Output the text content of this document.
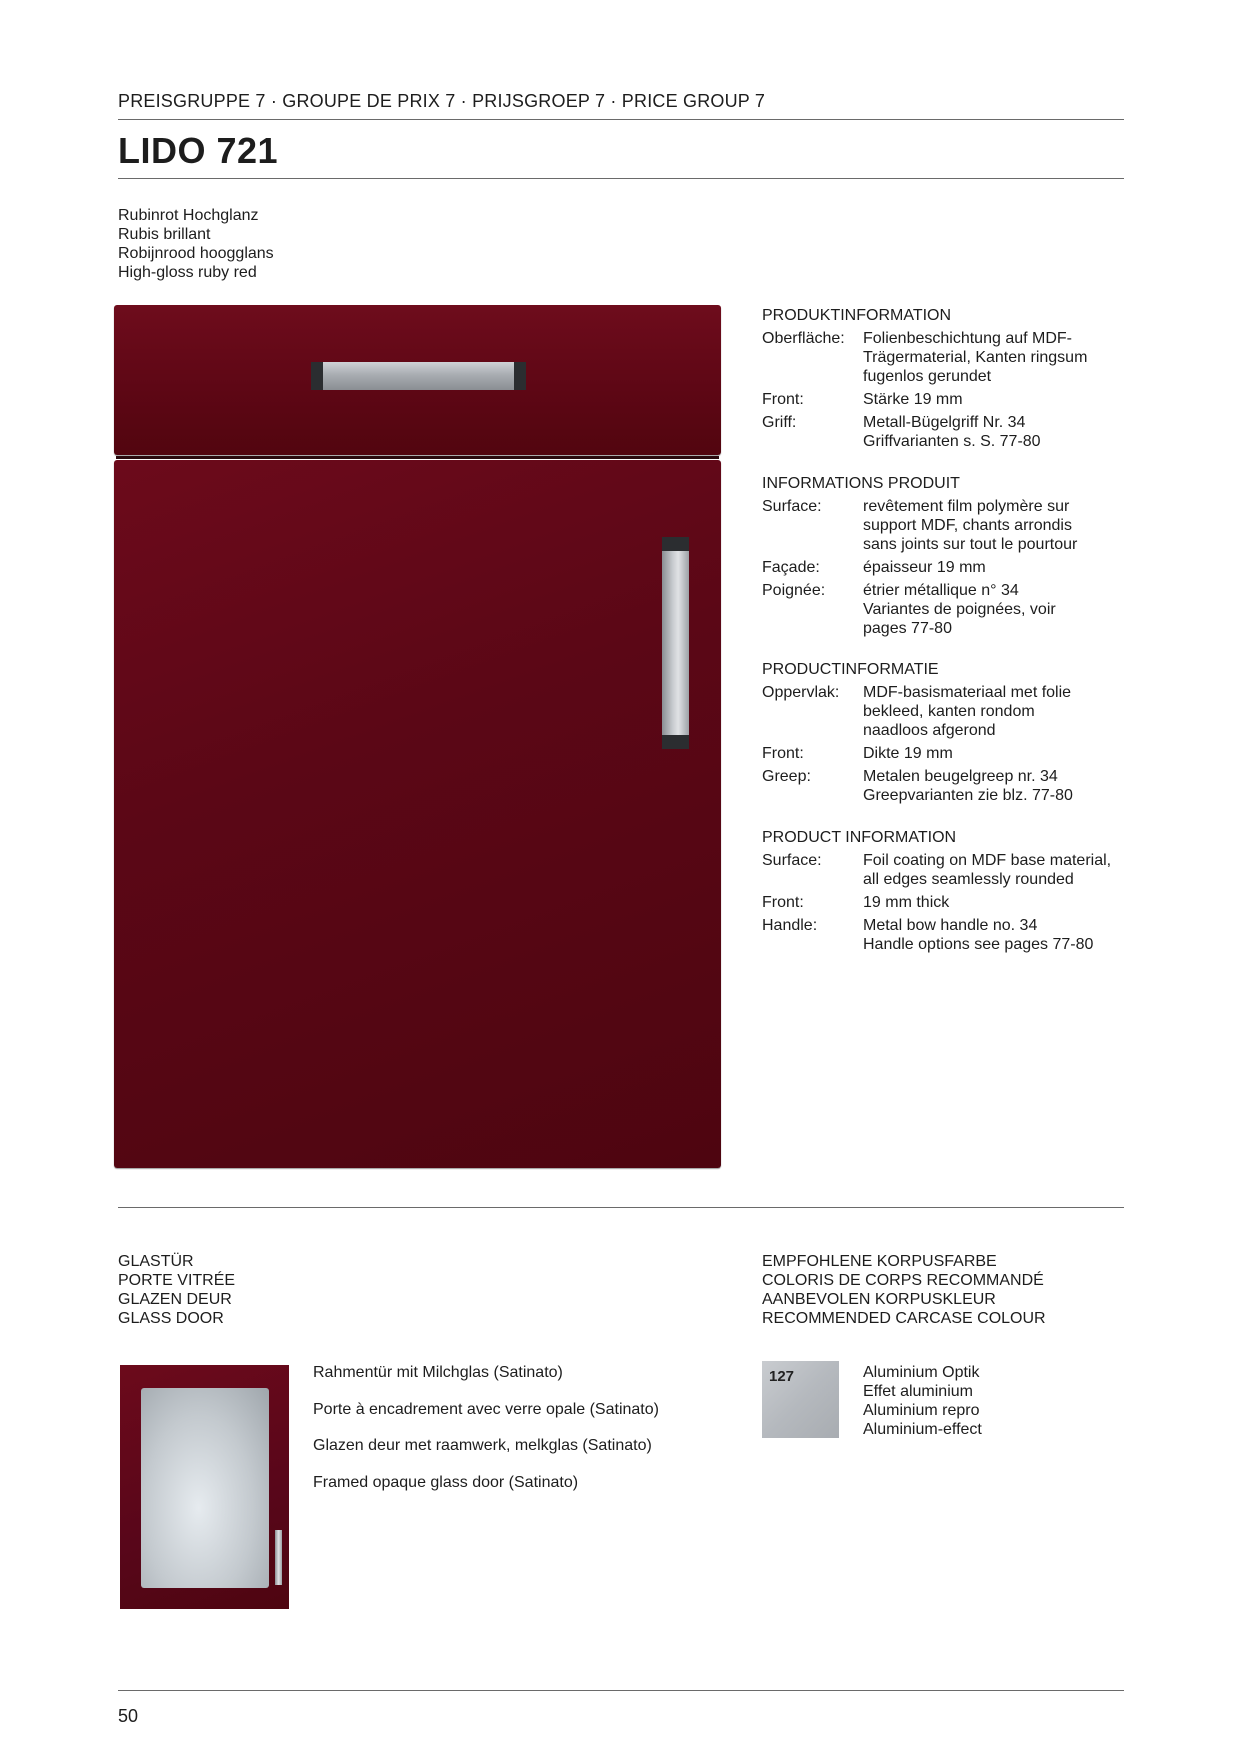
PREISGRUPPE 7 · GROUPE DE PRIX 7 · PRIJSGROEP 7 · PRICE GROUP 7
LIDO 721
Rubinrot Hochglanz
Rubis brillant
Robijnrood hoogglans
High-gloss ruby red
PRODUKTINFORMATION
Oberfläche:	Folienbeschichtung auf MDF-
Trägermaterial, Kanten ringsum
fugenlos gerundet
Front:	Stärke 19 mm
Griff:	Metall-Bügelgriff Nr. 34
Griffvarianten s. S. 77-80
INFORMATIONS PRODUIT
Surface:	revêtement film polymère sur
support MDF, chants arrondis
sans joints sur tout le pourtour
Façade:	épaisseur 19 mm
Poignée:	étrier métallique n° 34
Variantes de poignées, voir
pages 77-80
PRODUCTINFORMATIE
Oppervlak:	MDF-basismateriaal met folie
bekleed, kanten rondom
naadloos afgerond
Front:	Dikte 19 mm
Greep:	Metalen beugelgreep nr. 34
Greepvarianten zie blz. 77-80
PRODUCT INFORMATION
Surface:	Foil coating on MDF base material,
all edges seamlessly rounded
Front:	19 mm thick
Handle:	Metal bow handle no. 34
Handle options see pages 77-80
GLASTÜR
PORTE VITRÉE
GLAZEN DEUR
GLASS DOOR
Rahmentür mit Milchglas (Satinato)
Porte à encadrement avec verre opale (Satinato)
Glazen deur met raamwerk, melkglas (Satinato)
Framed opaque glass door (Satinato)
EMPFOHLENE KORPUSFARBE
COLORIS DE CORPS RECOMMANDÉ
AANBEVOLEN KORPUSKLEUR
RECOMMENDED CARCASE COLOUR
127	Aluminium Optik
Effet aluminium
Aluminium repro
Aluminium-effect
50
